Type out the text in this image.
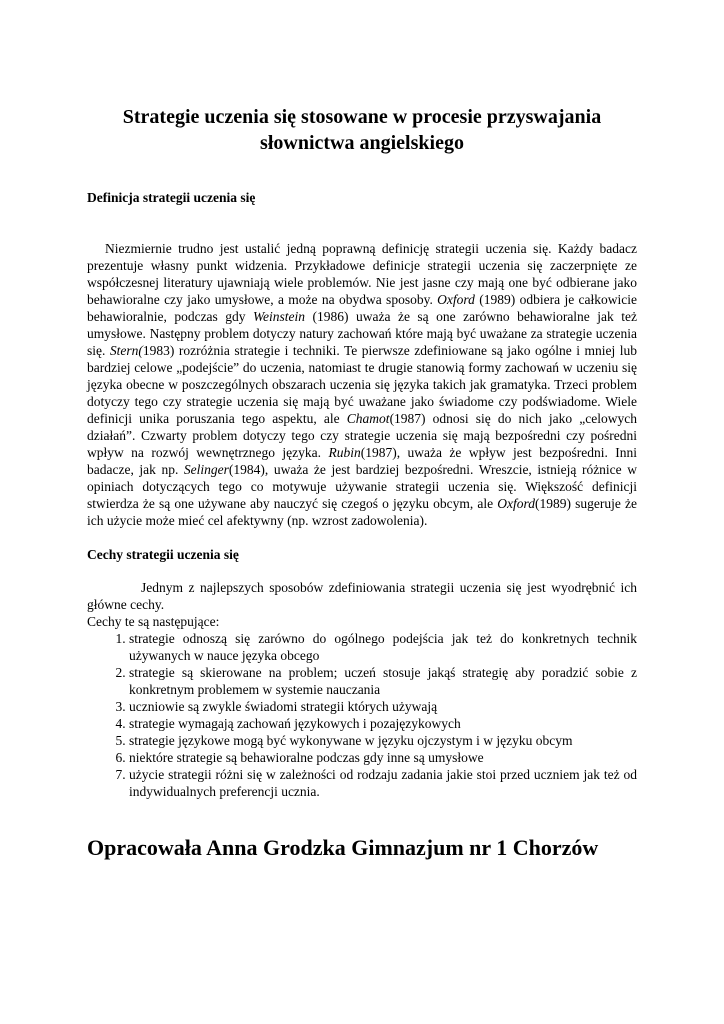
Strategie uczenia się stosowane w procesie przyswajania słownictwa angielskiego
Definicja strategii uczenia się

Niezmiernie trudno jest ustalić jedną poprawną definicję strategii uczenia się. Każdy badacz prezentuje własny punkt widzenia. Przykładowe definicje strategii uczenia się zaczerpnięte ze współczesnej literatury ujawniają wiele problemów. Nie jest jasne czy mają one być odbierane jako behawioralne czy jako umysłowe, a może na obydwa sposoby. Oxford (1989) odbiera je całkowicie behawioralnie, podczas gdy Weinstein (1986) uważa że są one zarówno behawioralne jak też umysłowe. Następny problem dotyczy natury zachowań które mają być uważane za strategie uczenia się. Stern(1983) rozróżnia strategie i techniki. Te pierwsze zdefiniowane są jako ogólne i mniej lub bardziej celowe „podejście” do uczenia, natomiast te drugie stanowią formy zachowań w uczeniu się języka obecne w poszczególnych obszarach uczenia się języka takich jak gramatyka. Trzeci problem dotyczy tego czy strategie uczenia się mają być uważane jako świadome czy podświadome. Wiele definicji unika poruszania tego aspektu, ale Chamot(1987) odnosi się do nich jako „celowych działań”. Czwarty problem dotyczy tego czy strategie uczenia się mają bezpośredni czy pośredni wpływ na rozwój wewnętrznego języka. Rubin(1987), uważa że wpływ jest bezpośredni. Inni badacze, jak np. Selinger(1984), uważa że jest bardziej bezpośredni. Wreszcie, istnieją różnice w opiniach dotyczących tego co motywuje używanie strategii uczenia się. Większość definicji stwierdza że są one używane aby nauczyć się czegoś o języku obcym, ale Oxford(1989) sugeruje że ich użycie może mieć cel afektywny (np. wzrost zadowolenia).

Cechy strategii uczenia się

Jednym z najlepszych sposobów zdefiniowania strategii uczenia się jest wyodrębnić ich główne cechy.

Cechy te są następujące:

1. strategie odnoszą się zarówno do ogólnego podejścia jak też do konkretnych technik używanych w nauce języka obcego
2. strategie są skierowane na problem; uczeń stosuje jakąś strategię aby poradzić sobie z konkretnym problemem w systemie nauczania
3. uczniowie są zwykle świadomi strategii których używają
4. strategie wymagają zachowań językowych i pozajęzykowych
5. strategie językowe mogą być wykonywane w języku ojczystym i w języku obcym
6. niektóre strategie są behawioralne podczas gdy inne są umysłowe
7. użycie strategii różni się w zależności od rodzaju zadania jakie stoi przed uczniem jak też od indywidualnych preferencji ucznia.
Opracowała Anna Grodzka Gimnazjum nr 1 Chorzów
